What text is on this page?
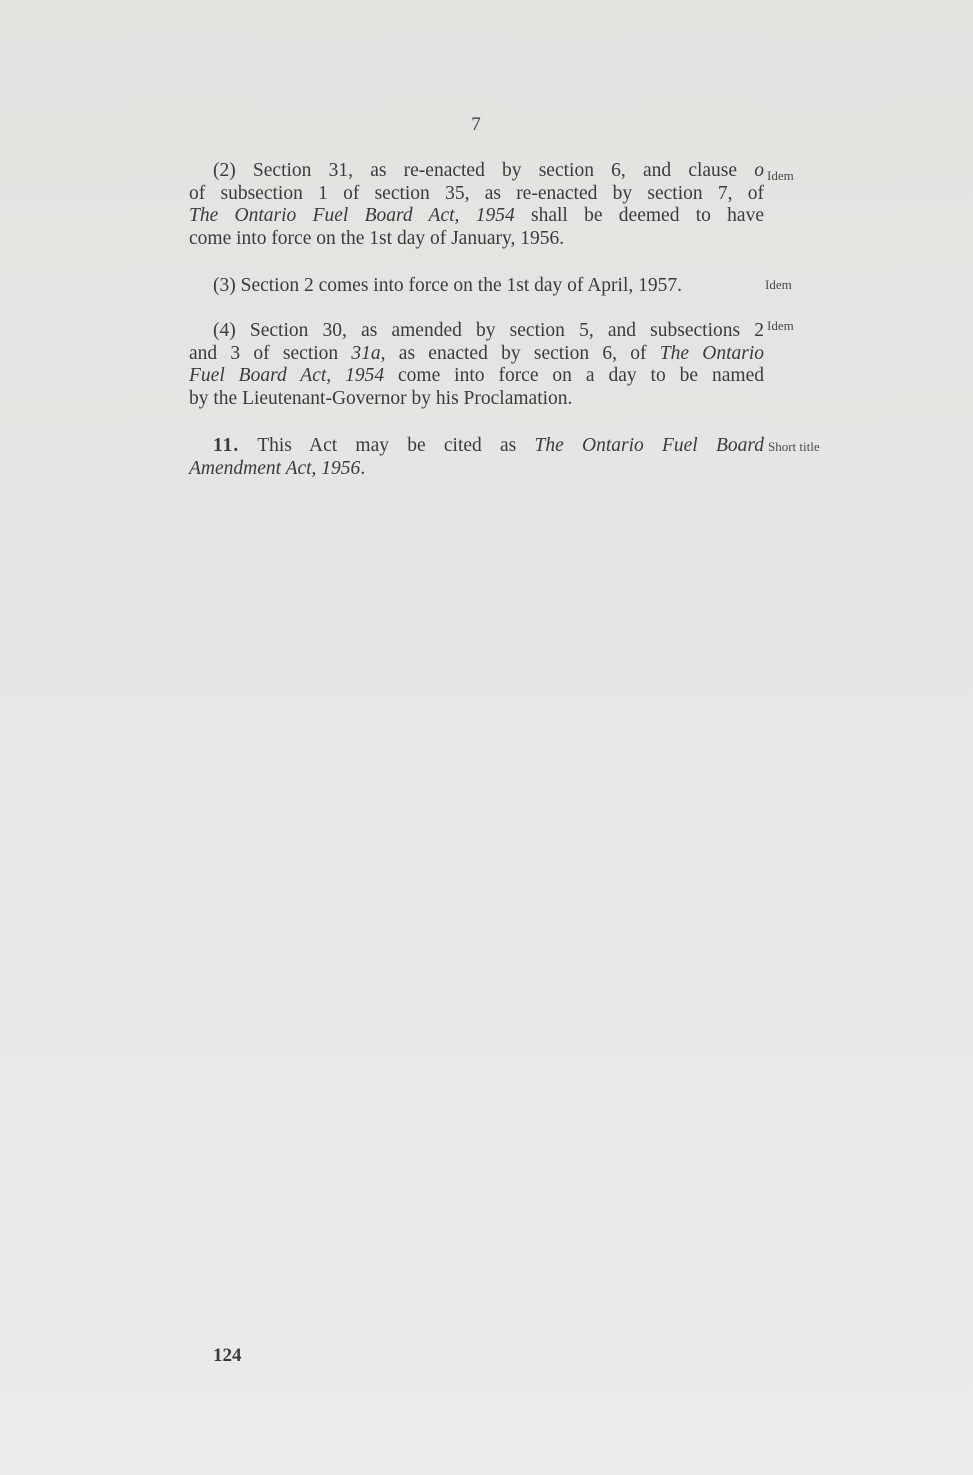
7
(2) Section 31, as re-enacted by section 6, and clause o
of subsection 1 of section 35, as re-enacted by section 7, of
The Ontario Fuel Board Act, 1954 shall be deemed to have
come into force on the 1st day of January, 1956.
Idem
(3) Section 2 comes into force on the 1st day of April, 1957.	Idem
(4) Section 30, as amended by section 5, and subsections 2
and 3 of section 31a, as enacted by section 6, of The Ontario
Fuel Board Act, 1954 come into force on a day to be named
by the Lieutenant-Governor by his Proclamation.
Idem
11. This Act may be cited as The Ontario Fuel Board
Amendment Act, 1956.
Short title
124
